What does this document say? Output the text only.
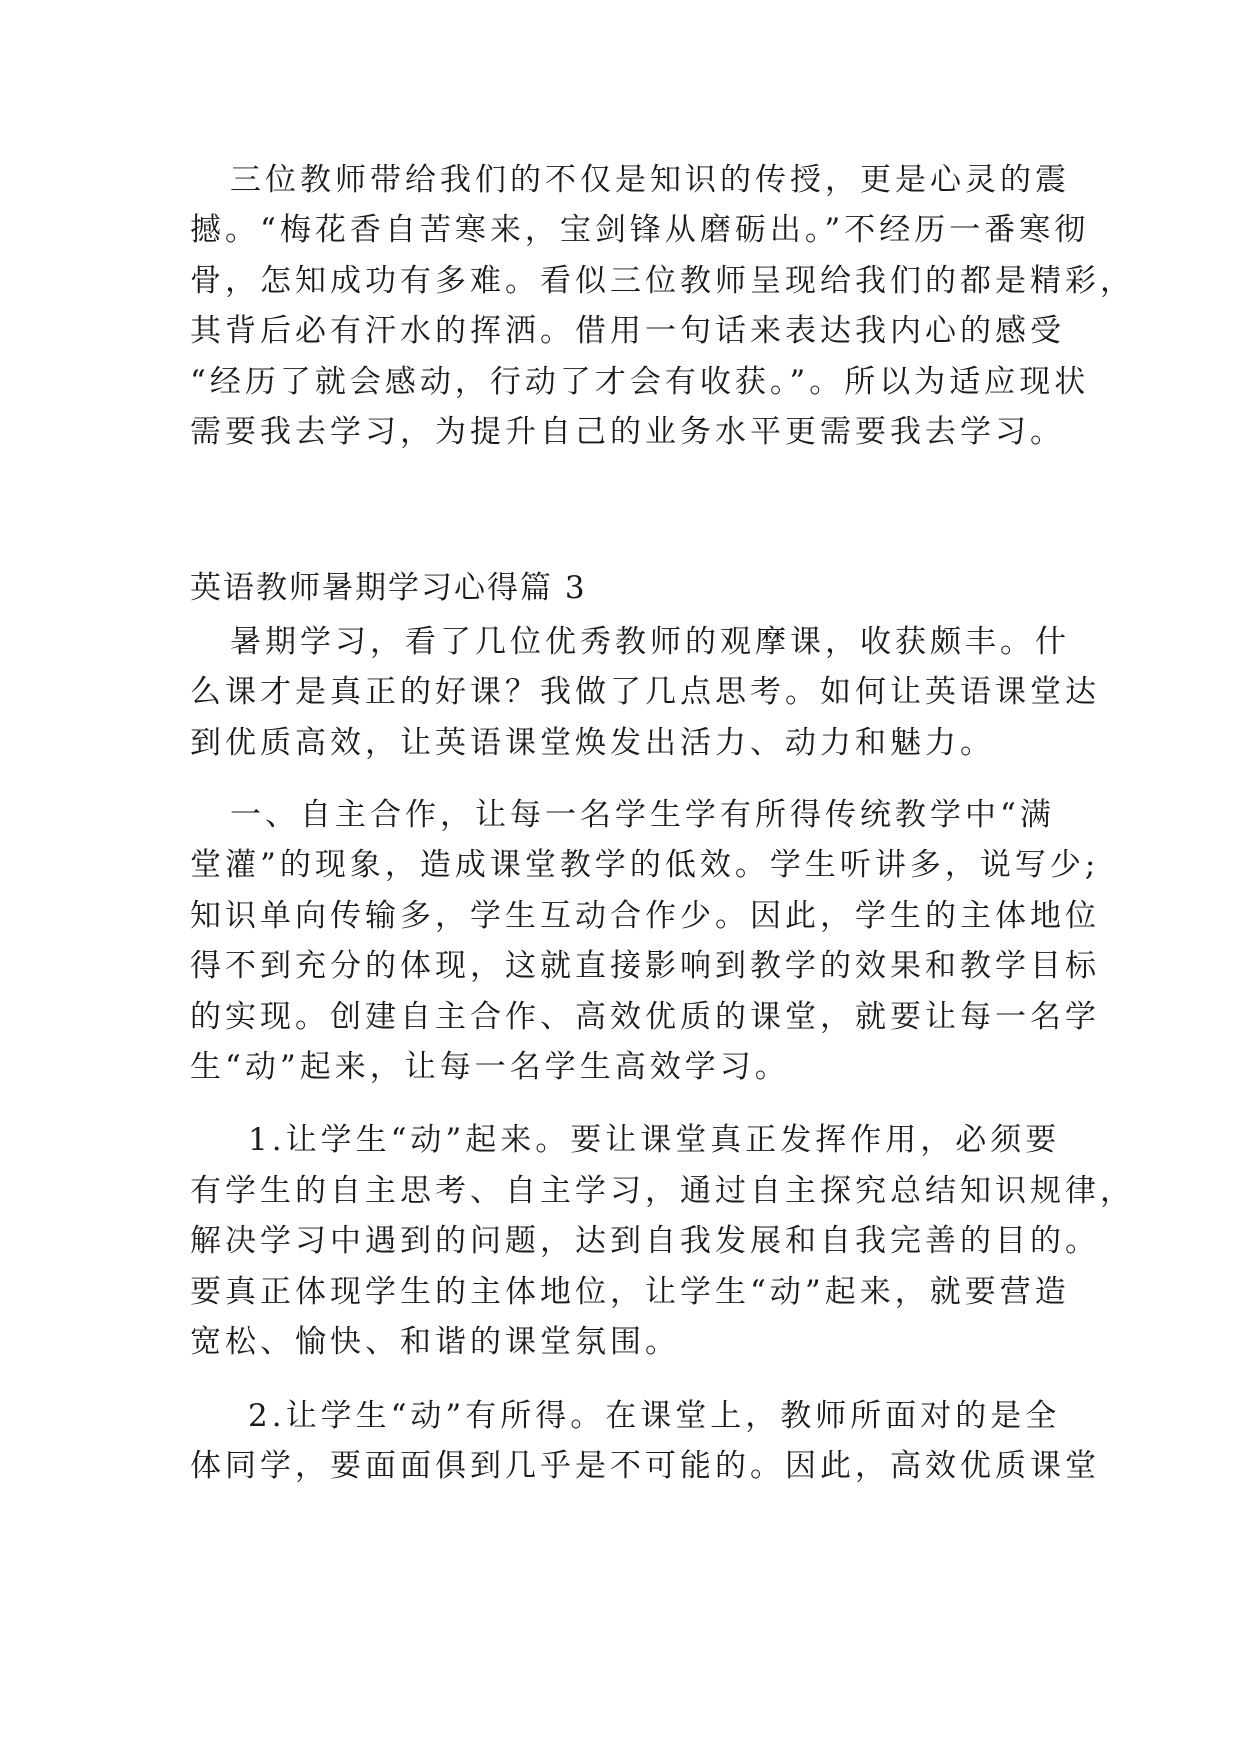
三位教师带给我们的不仅是知识的传授，更是心灵的震
撼。“梅花香自苦寒来，宝剑锋从磨砺出。”不经历一番寒彻
骨，怎知成功有多难。看似三位教师呈现给我们的都是精彩，
其背后必有汗水的挥洒。借用一句话来表达我内心的感受
“经历了就会感动，行动了才会有收获。”。所以为适应现状
需要我去学习，为提升自己的业务水平更需要我去学习。
英语教师暑期学习心得篇 3
暑期学习，看了几位优秀教师的观摩课，收获颇丰。什
么课才是真正的好课？我做了几点思考。如何让英语课堂达
到优质高效，让英语课堂焕发出活力、动力和魅力。
一、自主合作，让每一名学生学有所得传统教学中“满
堂灌”的现象，造成课堂教学的低效。学生听讲多，说写少;
知识单向传输多，学生互动合作少。因此，学生的主体地位
得不到充分的体现，这就直接影响到教学的效果和教学目标
的实现。创建自主合作、高效优质的课堂，就要让每一名学
生“动”起来，让每一名学生高效学习。
1.让学生“动”起来。要让课堂真正发挥作用，必须要
有学生的自主思考、自主学习，通过自主探究总结知识规律，
解决学习中遇到的问题，达到自我发展和自我完善的目的。
要真正体现学生的主体地位，让学生“动”起来，就要营造
宽松、愉快、和谐的课堂氛围。
2.让学生“动”有所得。在课堂上，教师所面对的是全
体同学，要面面俱到几乎是不可能的。因此，高效优质课堂
